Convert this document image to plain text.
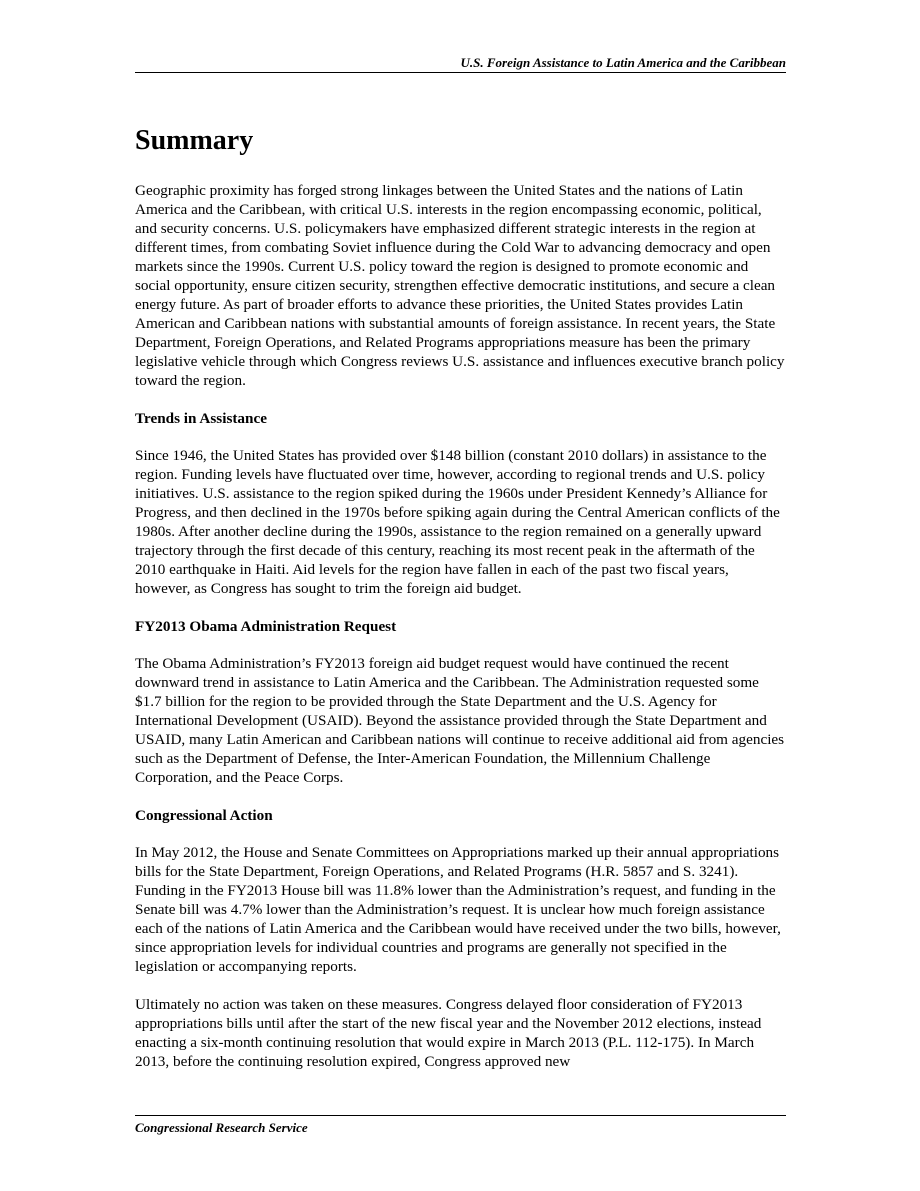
U.S. Foreign Assistance to Latin America and the Caribbean
Summary

Geographic proximity has forged strong linkages between the United States and the nations of Latin America and the Caribbean, with critical U.S. interests in the region encompassing economic, political, and security concerns. U.S. policymakers have emphasized different strategic interests in the region at different times, from combating Soviet influence during the Cold War to advancing democracy and open markets since the 1990s. Current U.S. policy toward the region is designed to promote economic and social opportunity, ensure citizen security, strengthen effective democratic institutions, and secure a clean energy future. As part of broader efforts to advance these priorities, the United States provides Latin American and Caribbean nations with substantial amounts of foreign assistance. In recent years, the State Department, Foreign Operations, and Related Programs appropriations measure has been the primary legislative vehicle through which Congress reviews U.S. assistance and influences executive branch policy toward the region.

Trends in Assistance

Since 1946, the United States has provided over $148 billion (constant 2010 dollars) in assistance to the region. Funding levels have fluctuated over time, however, according to regional trends and U.S. policy initiatives. U.S. assistance to the region spiked during the 1960s under President Kennedy’s Alliance for Progress, and then declined in the 1970s before spiking again during the Central American conflicts of the 1980s. After another decline during the 1990s, assistance to the region remained on a generally upward trajectory through the first decade of this century, reaching its most recent peak in the aftermath of the 2010 earthquake in Haiti. Aid levels for the region have fallen in each of the past two fiscal years, however, as Congress has sought to trim the foreign aid budget.

FY2013 Obama Administration Request

The Obama Administration’s FY2013 foreign aid budget request would have continued the recent downward trend in assistance to Latin America and the Caribbean. The Administration requested some $1.7 billion for the region to be provided through the State Department and the U.S. Agency for International Development (USAID). Beyond the assistance provided through the State Department and USAID, many Latin American and Caribbean nations will continue to receive additional aid from agencies such as the Department of Defense, the Inter-American Foundation, the Millennium Challenge Corporation, and the Peace Corps.

Congressional Action

In May 2012, the House and Senate Committees on Appropriations marked up their annual appropriations bills for the State Department, Foreign Operations, and Related Programs (H.R. 5857 and S. 3241). Funding in the FY2013 House bill was 11.8% lower than the Administration’s request, and funding in the Senate bill was 4.7% lower than the Administration’s request. It is unclear how much foreign assistance each of the nations of Latin America and the Caribbean would have received under the two bills, however, since appropriation levels for individual countries and programs are generally not specified in the legislation or accompanying reports.

Ultimately no action was taken on these measures. Congress delayed floor consideration of FY2013 appropriations bills until after the start of the new fiscal year and the November 2012 elections, instead enacting a six-month continuing resolution that would expire in March 2013 (P.L. 112-175). In March 2013, before the continuing resolution expired, Congress approved new

Congressional Research Service
